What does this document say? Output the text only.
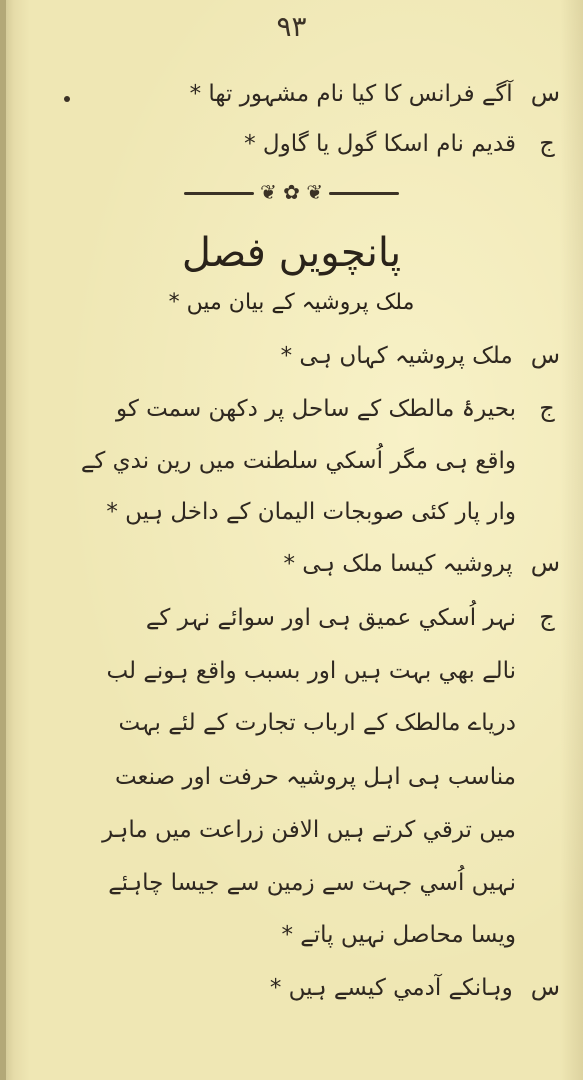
٩٣
سآگے فرانس کا کیا نام مشہور تھا *
جقدیم نام اسکا گول یا گاول *
❦ ✿ ❦
پانچویں فصل
ملک پروشیہ کے بیان میں *
سملک پروشیہ کہاں ہی *
جبحیرۂ مالطک کے ساحل پر دکھن سمت کو
واقع ہی مگر اُسکي سلطنت میں رین ندي کے
وار پار کئی صوبجات الیمان کے داخل ہیں *
سپروشیہ کیسا ملک ہی *
جنہر اُسکي عمیق ہی اور سوائے نہر کے
نالے بھي بہت ہیں اور بسبب واقع ہونے لب
دریاے مالطک کے ارباب تجارت کے لئے بہت
مناسب ہی اہل پروشیہ حرفت اور صنعت
میں ترقي کرتے ہیں الافن زراعت میں ماہر
نہیں اُسي جہت سے زمین سے جیسا چاہئے
ویسا محاصل نہیں پاتے *
سوہانکے آدمي کیسے ہیں *
